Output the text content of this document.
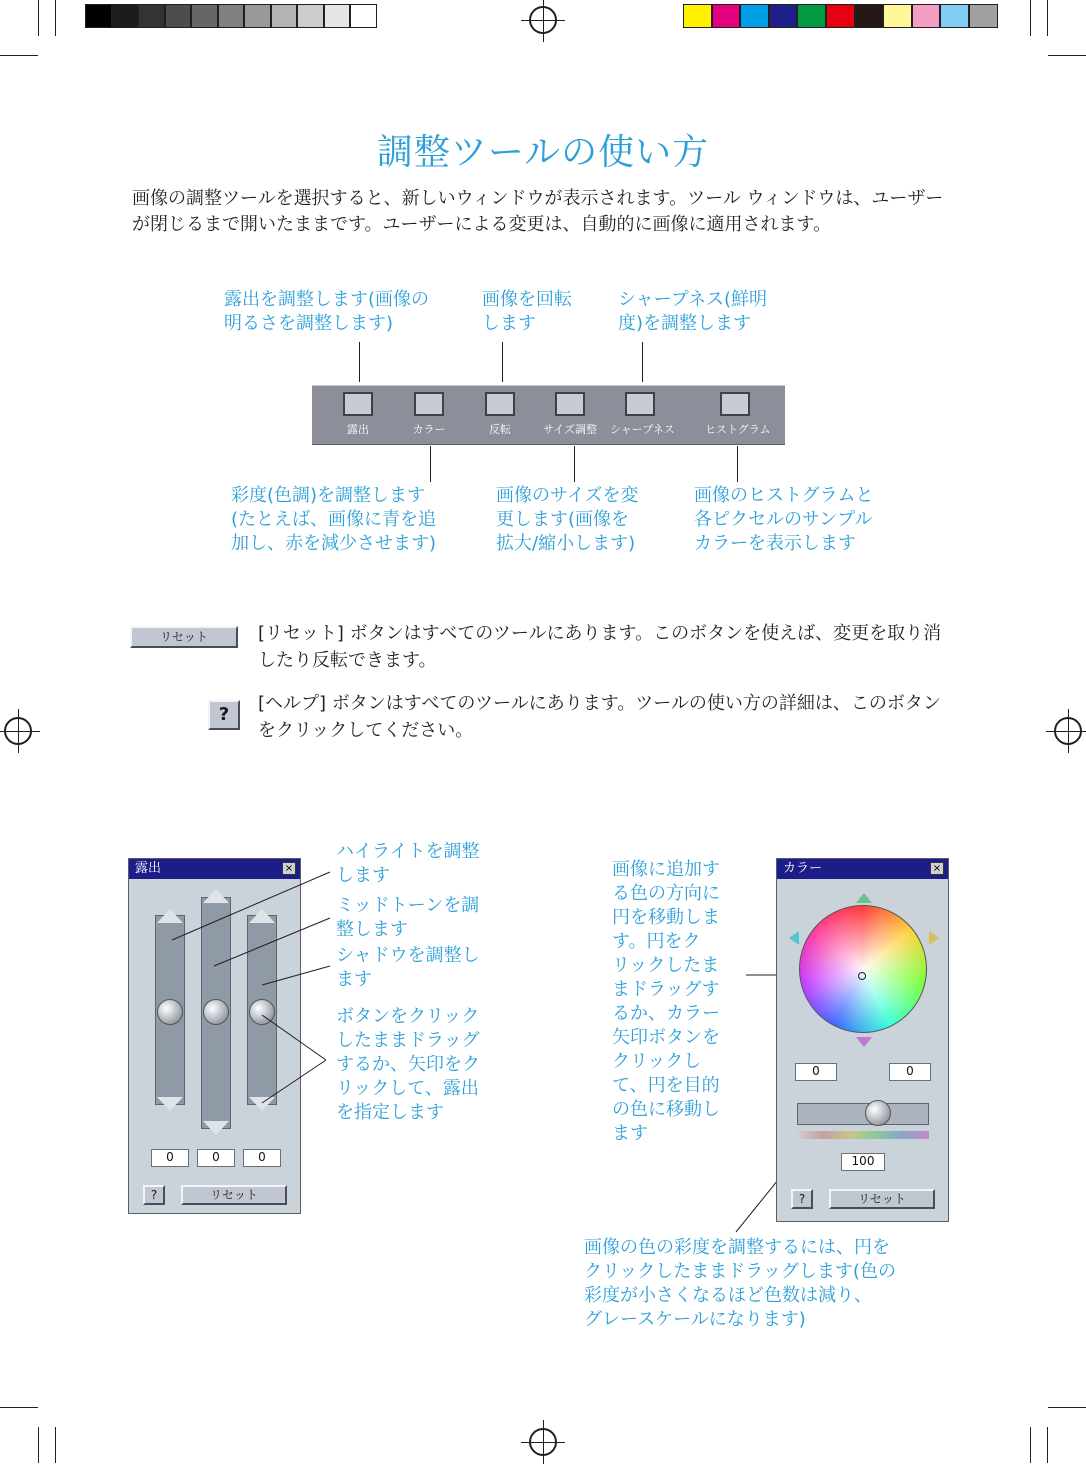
調整ツールの使い方
画像の調整ツールを選択すると、新しいウィンドウが表示されます。ツール ウィンドウは、ユーザーが閉じるまで開いたままです。ユーザーによる変更は、自動的に画像に適用されます。
露出を調整します(画像の
明るさを調整します)
画像を回転
します
シャープネス(鮮明
度)を調整します
露出	カラー	反転	サイズ調整 シャープネス	ヒストグラム
彩度(色調)を調整します
(たとえば、画像に青を追
加し、赤を減少させます)
画像のサイズを変
更します(画像を
拡大/縮小します)
画像のヒストグラムと
各ピクセルのサンプル
カラーを表示します
リセット	[リセット] ボタンはすべてのツールにあります。このボタンを使えば、変更を取り消したり反転できます。
?
[ヘルプ] ボタンはすべてのツールにあります。ツールの使い方の詳細は、このボタンをクリックしてください。
露出	×
0	0	0
?	リセット
ハイライトを調整
します
ミッドトーンを調
整します
シャドウを調整し
ます
ボタンをクリック
したままドラッグ
するか、矢印をク
リックして、露出
を指定します
カラー	×
0	0
100
?	リセット
画像に追加す
る色の方向に
円を移動しま
す。円をク
リックしたま
まドラッグす
るか、カラー
矢印ボタンを
クリックし
て、円を目的
の色に移動し
ます
画像の色の彩度を調整するには、円を
クリックしたままドラッグします(色の
彩度が小さくなるほど色数は減り、
グレースケールになります)
